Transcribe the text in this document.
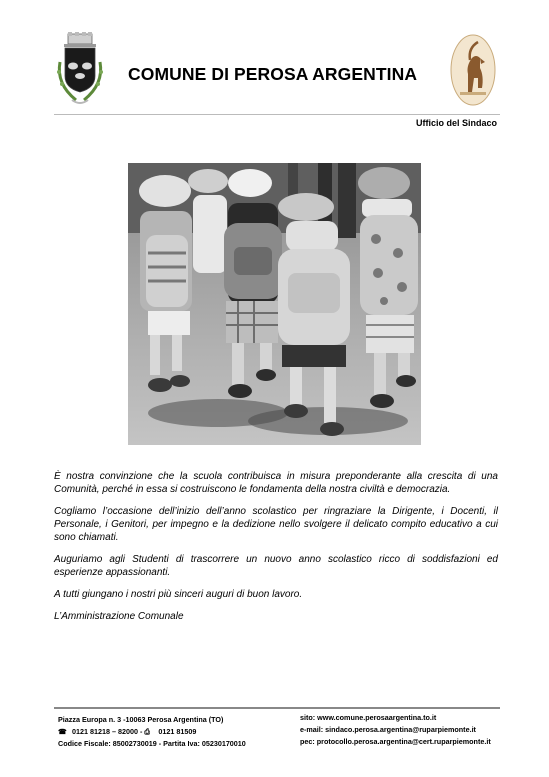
COMUNE DI PEROSA ARGENTINA
Ufficio del Sindaco

È nostra convinzione che la scuola contribuisca in misura preponderante alla crescita di una Comunità, perché in essa si costruiscono le fondamenta della nostra civiltà e democrazia.

Cogliamo l’occasione dell’inizio dell’anno scolastico per ringraziare la Dirigente, i Docenti, il Personale, i Genitori, per impegno e la dedizione nello svolgere il delicato compito educativo a cui sono chiamati.

Auguriamo agli Studenti di trascorrere un nuovo anno scolastico ricco di soddisfazioni ed esperienze appassionanti.

A tutti giungano i nostri più sinceri auguri di buon lavoro.

L’Amministrazione Comunale

Piazza Europa n. 3 -10063 Perosa Argentina (TO)
☎ 0121 81218 – 82000 - ⎙ 0121 81509
Codice Fiscale: 85002730019 - Partita Iva: 05230170010
sito: www.comune.perosaargentina.to.it
e-mail: sindaco.perosa.argentina@ruparpiemonte.it
pec: protocollo.perosa.argentina@cert.ruparpiemonte.it
